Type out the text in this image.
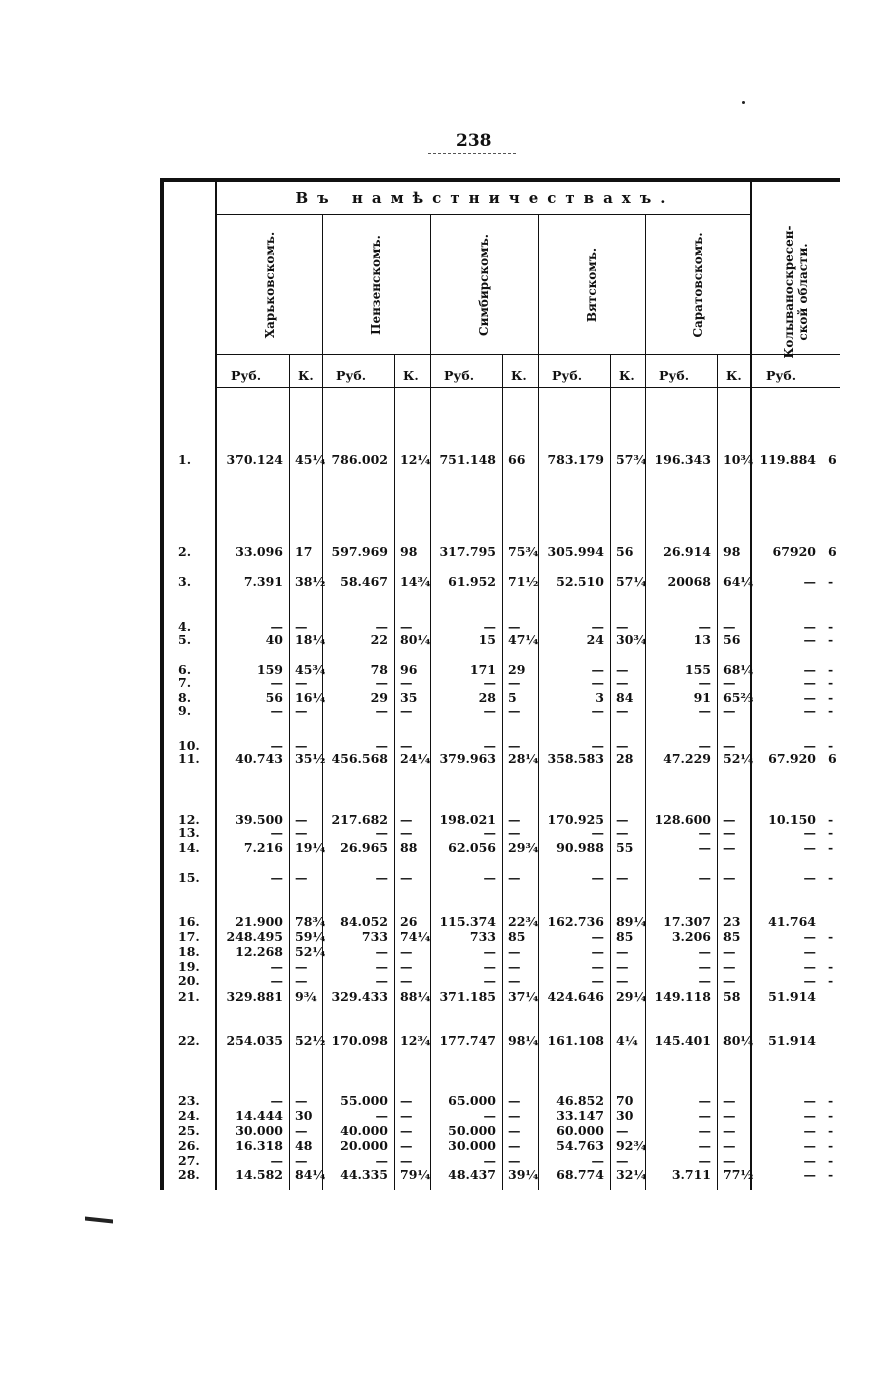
238
Въ намѣстничествахъ.
Харьковскомъ.
Руб.	К.
Пензенскомъ.
Руб.	К.
Симбирскомъ.
Руб.	К.
Вятскомъ.
Руб.	К.
Саратовскомъ.
Руб.	К.
Колываноскресен-
ской области.
Руб.
1.	370.124 45¼ 786.002 12¼ 751.148 66	783.179 57¾ 196.343 10¾ 119.884 6
2.	33.096 17	597.969 98	317.795 75¾ 305.994 56	26.914 98	67920 6
3.	7.391 38½	58.467 14¾	61.952 71½	52.510 57¼	20068 64¼	— -
4.	— —	— —	— —	— —	— —	— -
5.	40 18¼	22 80¼	15 47¼	24 30¾	13 56	— -
6.	159 45¾	78 96	171 29	— —	155 68¼	— -
7.	— —	— —	— —	— —	— —	— -
8.	56 16¼	29 35	28 5	3 84	91 65⅔	— -
9.	— —	— —	— —	— —	— —	— -
10.	— —	— —	— —	— —	— —	— -
11.	40.743 35½ 456.568 24¼ 379.963 28¼ 358.583 28	47.229 52¼	67.920 6
12.	39.500 —	217.682 —	198.021 —	170.925 —	128.600 —	10.150 -
13.	— —	— —	— —	— —	— —	— -
14.	7.216 19¼	26.965 88	62.056 29¾	90.988 55	— —	— -
15.	— —	— —	— —	— —	— —	— -
16.	21.900 78¾	84.052 26	115.374 22¾ 162.736 89¼	17.307 23	41.764
17.	248.495 59¼	733 74¼	733 85	— 85	3.206 85	— -
18.	12.268 52¼	— —	— —	— —	— —	—
19.	— —	— —	— —	— —	— —	— -
20.	— —	— —	— —	— —	— —	— -
21.	329.881 9¾	329.433 88¼ 371.185 37¼ 424.646 29¼ 149.118 58	51.914
22.	254.035 52½ 170.098 12¾ 177.747 98¼ 161.108 4¼	145.401 80¼	51.914
23.	— —	55.000 —	65.000 —	46.852 70	— —	— -
24.	14.444 30	— —	— —	33.147 30	— —	— -
25.	30.000 —	40.000 —	50.000 —	60.000 —	— —	— -
26.	16.318 48	20.000 —	30.000 —	54.763 92¾	— —	— -
27.	— —	— —	— —	— —	— —	— -
28.	14.582 84¼	44.335 79¼	48.437 39¼	68.774 32¼	3.711 77½	— -
